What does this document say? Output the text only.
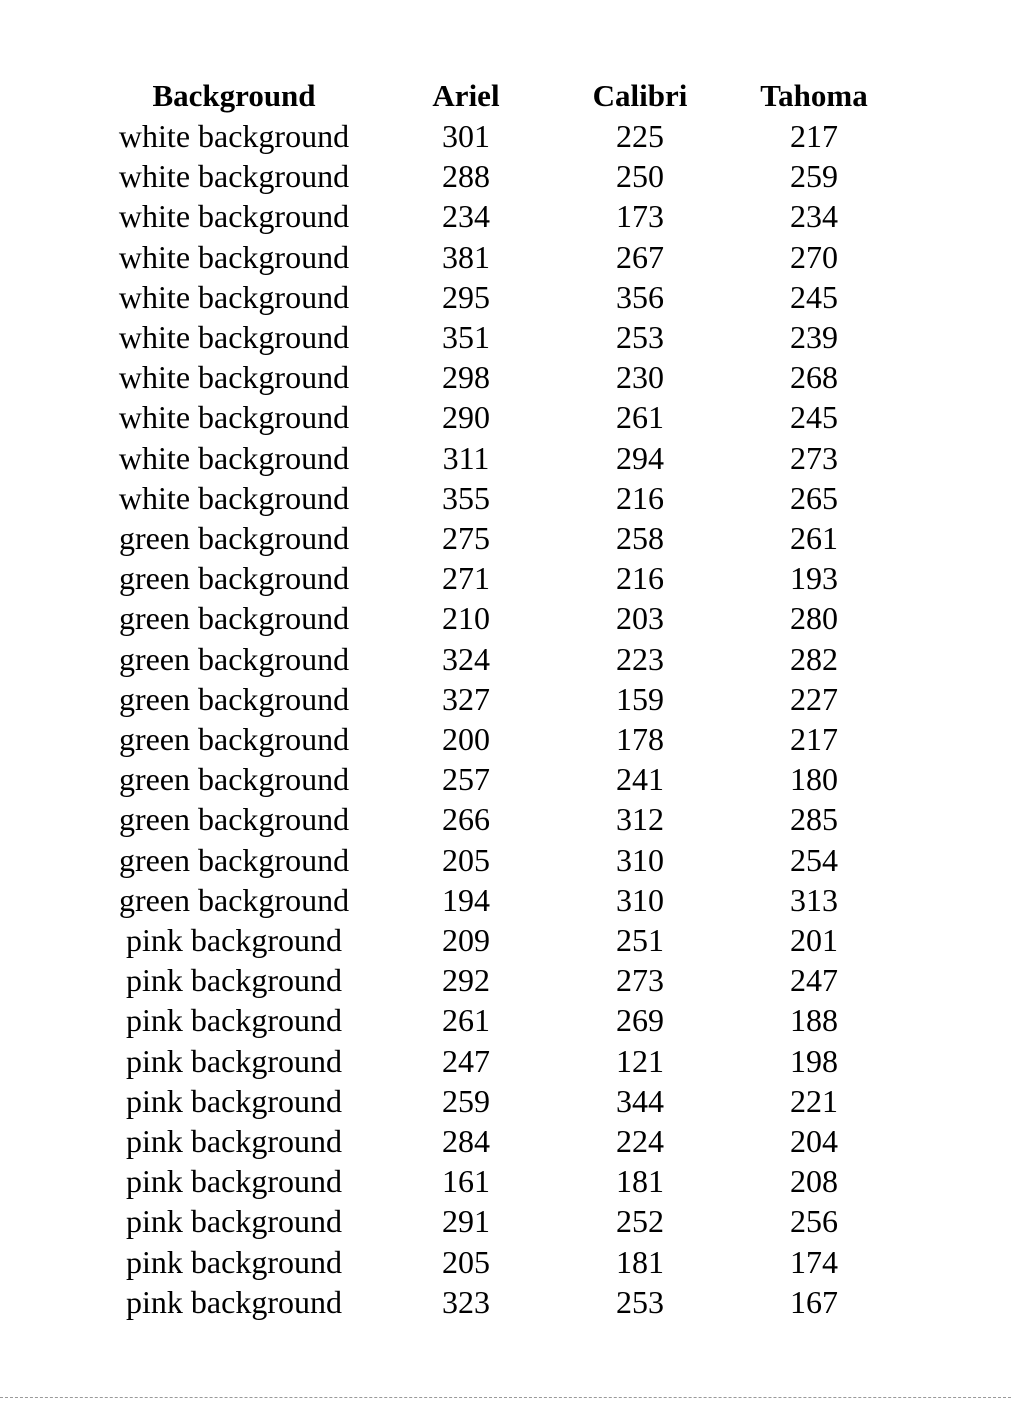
Background	Ariel	Calibri	Tahoma
white background	301	225	217
white background	288	250	259
white background	234	173	234
white background	381	267	270
white background	295	356	245
white background	351	253	239
white background	298	230	268
white background	290	261	245
white background	311	294	273
white background	355	216	265
green background	275	258	261
green background	271	216	193
green background	210	203	280
green background	324	223	282
green background	327	159	227
green background	200	178	217
green background	257	241	180
green background	266	312	285
green background	205	310	254
green background	194	310	313
pink background	209	251	201
pink background	292	273	247
pink background	261	269	188
pink background	247	121	198
pink background	259	344	221
pink background	284	224	204
pink background	161	181	208
pink background	291	252	256
pink background	205	181	174
pink background	323	253	167
